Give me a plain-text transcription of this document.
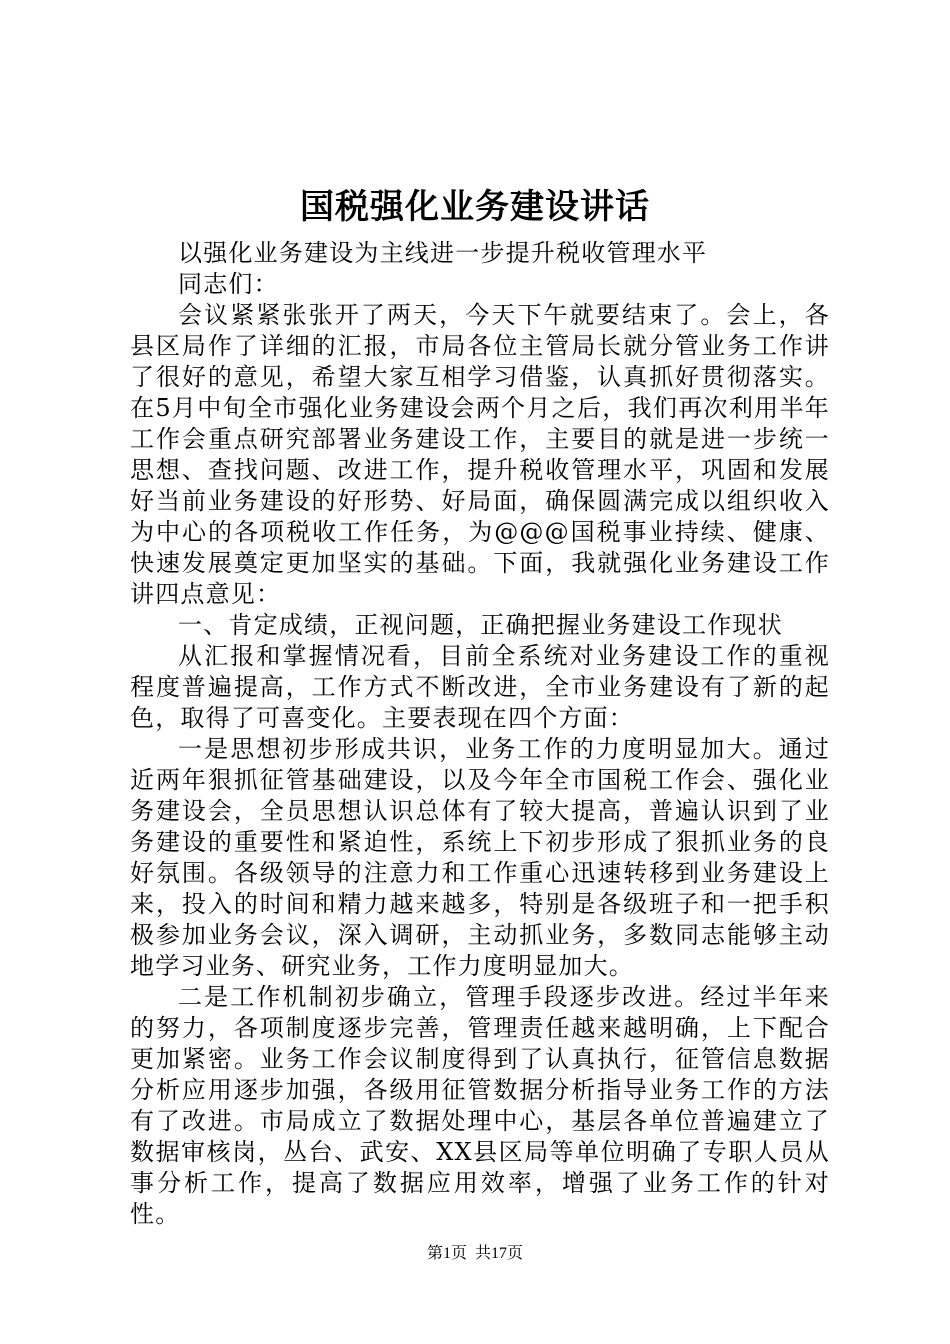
国税强化业务建设讲话

以强化业务建设为主线进一步提升税收管理水平

同志们：

会议紧紧张张开了两天，今天下午就要结束了。会上，各县区局作了详细的汇报，市局各位主管局长就分管业务工作讲了很好的意见，希望大家互相学习借鉴，认真抓好贯彻落实。在5月中旬全市强化业务建设会两个月之后，我们再次利用半年工作会重点研究部署业务建设工作，主要目的就是进一步统一思想、查找问题、改进工作，提升税收管理水平，巩固和发展好当前业务建设的好形势、好局面，确保圆满完成以组织收入为中心的各项税收工作任务，为@@@国税事业持续、健康、快速发展奠定更加坚实的基础。下面，我就强化业务建设工作讲四点意见：

一、肯定成绩，正视问题，正确把握业务建设工作现状

从汇报和掌握情况看，目前全系统对业务建设工作的重视程度普遍提高，工作方式不断改进，全市业务建设有了新的起色，取得了可喜变化。主要表现在四个方面：

一是思想初步形成共识，业务工作的力度明显加大。通过近两年狠抓征管基础建设，以及今年全市国税工作会、强化业务建设会，全员思想认识总体有了较大提高，普遍认识到了业务建设的重要性和紧迫性，系统上下初步形成了狠抓业务的良好氛围。各级领导的注意力和工作重心迅速转移到业务建设上来，投入的时间和精力越来越多，特别是各级班子和一把手积极参加业务会议，深入调研，主动抓业务，多数同志能够主动地学习业务、研究业务，工作力度明显加大。

二是工作机制初步确立，管理手段逐步改进。经过半年来的努力，各项制度逐步完善，管理责任越来越明确，上下配合更加紧密。业务工作会议制度得到了认真执行，征管信息数据分析应用逐步加强，各级用征管数据分析指导业务工作的方法有了改进。市局成立了数据处理中心，基层各单位普遍建立了数据审核岗，丛台、武安、XX县区局等单位明确了专职人员从事分析工作，提高了数据应用效率，增强了业务工作的针对性。

第1页  共17页
